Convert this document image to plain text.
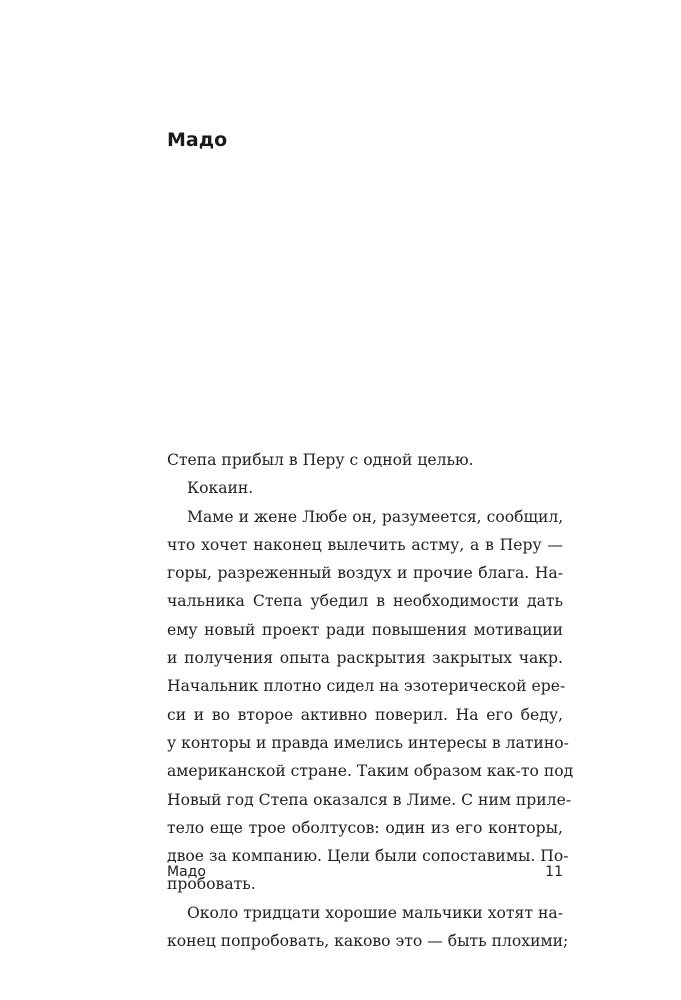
Мадо
Степа прибыл в Перу с одной целью.
Кокаин.
Маме и жене Любе он, разумеется, сообщил,
что хочет наконец вылечить астму, а в Перу —
горы, разреженный воздух и прочие блага. На-
чальника Степа убедил в необходимости дать
ему новый проект ради повышения мотивации
и получения опыта раскрытия закрытых чакр.
Начальник плотно сидел на эзотерической ере-
си и во второе активно поверил. На его беду,
у конторы и правда имелись интересы в латино-
американской стране. Таким образом как-то под
Новый год Степа оказался в Лиме. С ним приле-
тело еще трое оболтусов: один из его конторы,
двое за компанию. Цели были сопоставимы. По-
пробовать.
Около тридцати хорошие мальчики хотят на-
конец попробовать, каково это — быть плохими;

Мадо	11
